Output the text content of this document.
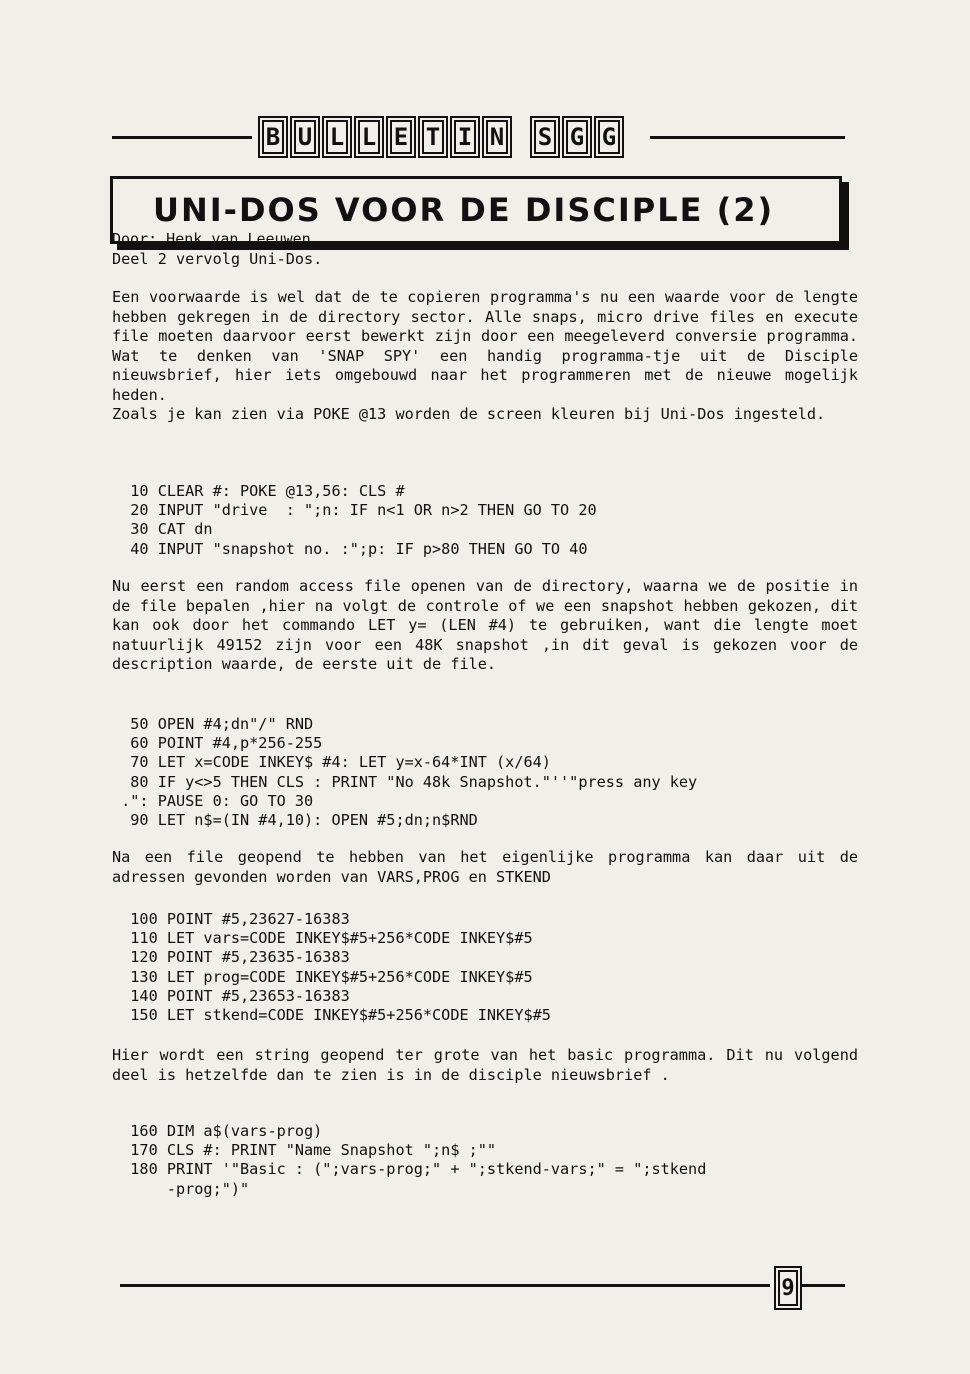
B U L L E T I N	S G G
UNI-DOS VOOR DE DISCIPLE (2)
Door: Henk van Leeuwen.

Deel 2 vervolg Uni-Dos.

Een voorwaarde is wel dat de te copieren programma's nu een waarde voor de lengte hebben gekregen in de directory sector. Alle snaps, micro drive files en execute file moeten daarvoor eerst bewerkt zijn door een meegeleverd conversie programma. Wat te denken van 'SNAP SPY' een handig programma-tje uit de Disciple nieuwsbrief, hier iets omgebouwd naar het programmeren met de nieuwe mogelijk heden.

Zoals je kan zien via POKE @13 worden de screen kleuren bij Uni-Dos ingesteld.

10 CLEAR #: POKE @13,56: CLS #
20 INPUT "drive  : ";n: IF n<1 OR n>2 THEN GO TO 20
30 CAT dn
40 INPUT "snapshot no. :";p: IF p>80 THEN GO TO 40

Nu eerst een random access file openen van de directory, waarna we de positie in de file bepalen ,hier na volgt de controle of we een snapshot hebben gekozen, dit kan ook door het commando LET y= (LEN #4) te gebruiken, want die lengte moet natuurlijk 49152 zijn voor een 48K snapshot ,in dit geval is gekozen voor de description waarde, de eerste uit de file.

50 OPEN #4;dn"/" RND
60 POINT #4,p*256-255
70 LET x=CODE INKEY$ #4: LET y=x-64*INT (x/64)
80 IF y<>5 THEN CLS : PRINT "No 48k Snapshot."''"press any key
.": PAUSE 0: GO TO 30
90 LET n$=(IN #4,10): OPEN #5;dn;n$RND

Na een file geopend te hebben van het eigenlijke programma kan daar uit de adressen gevonden worden van VARS,PROG en STKEND

100 POINT #5,23627-16383
110 LET vars=CODE INKEY$#5+256*CODE INKEY$#5
120 POINT #5,23635-16383
130 LET prog=CODE INKEY$#5+256*CODE INKEY$#5
140 POINT #5,23653-16383
150 LET stkend=CODE INKEY$#5+256*CODE INKEY$#5

Hier wordt een string geopend ter grote van het basic programma. Dit nu volgend deel is hetzelfde dan te zien is in de disciple nieuwsbrief .

160 DIM a$(vars-prog)
170 CLS #: PRINT "Name Snapshot ";n$ ;""
180 PRINT '"Basic : (";vars-prog;" + ";stkend-vars;" = ";stkend
-prog;")"
9
